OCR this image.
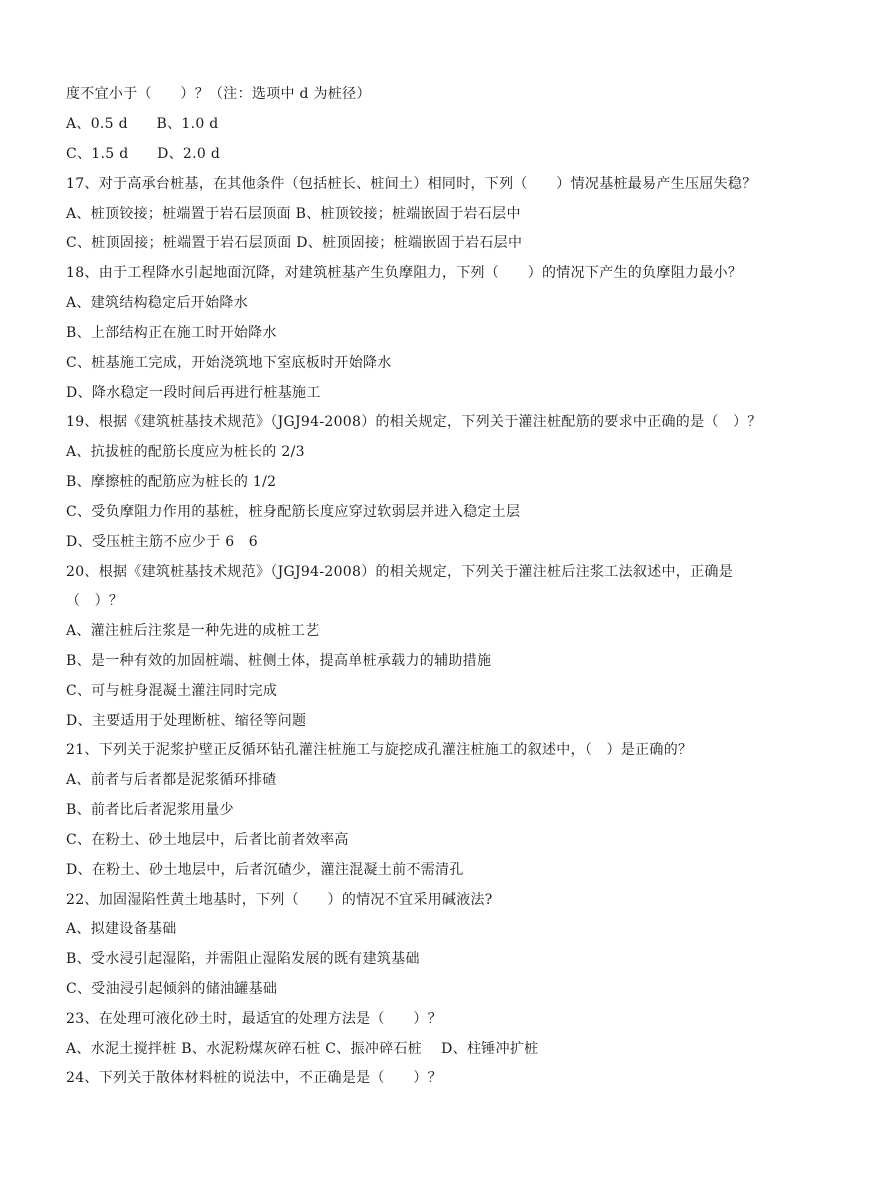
度不宜小于（　　）？（注：选项中 d 为桩径）
A、0.5 d　　B、1.0 d
C、1.5 d　　D、2.0 d
17、对于高承台桩基，在其他条件（包括桩长、桩间土）相同时，下列（　　）情况基桩最易产生压屈失稳？
A、桩顶铰接；桩端置于岩石层顶面 B、桩顶铰接；桩端嵌固于岩石层中
C、桩顶固接；桩端置于岩石层顶面 D、桩顶固接；桩端嵌固于岩石层中
18、由于工程降水引起地面沉降，对建筑桩基产生负摩阻力，下列（　　）的情况下产生的负摩阻力最小？
A、建筑结构稳定后开始降水
B、上部结构正在施工时开始降水
C、桩基施工完成，开始浇筑地下室底板时开始降水
D、降水稳定一段时间后再进行桩基施工
19、根据《建筑桩基技术规范》（JGJ94-2008）的相关规定，下列关于灌注桩配筋的要求中正确的是（　）？
A、抗拔桩的配筋长度应为桩长的 2/3
B、摩擦桩的配筋应为桩长的 1/2
C、受负摩阻力作用的基桩，桩身配筋长度应穿过软弱层并进入稳定土层
D、受压桩主筋不应少于 6　6
20、根据《建筑桩基技术规范》（JGJ94-2008）的相关规定，下列关于灌注桩后注浆工法叙述中，正确是
（　）？
A、灌注桩后注浆是一种先进的成桩工艺
B、是一种有效的加固桩端、桩侧土体，提高单桩承载力的辅助措施
C、可与桩身混凝土灌注同时完成
D、主要适用于处理断桩、缩径等问题
21、下列关于泥浆护壁正反循环钻孔灌注桩施工与旋挖成孔灌注桩施工的叙述中，（　）是正确的？
A、前者与后者都是泥浆循环排碴
B、前者比后者泥浆用量少
C、在粉土、砂土地层中，后者比前者效率高
D、在粉土、砂土地层中，后者沉碴少，灌注混凝土前不需清孔
22、加固湿陷性黄土地基时，下列（　　）的情况不宜采用碱液法?
A、拟建设备基础
B、受水浸引起湿陷，并需阻止湿陷发展的既有建筑基础
C、受油浸引起倾斜的储油罐基础
23、在处理可液化砂土时，最适宜的处理方法是（　　）？
A、水泥土搅拌桩 B、水泥粉煤灰碎石桩 C、振冲碎石桩　 D、柱锤冲扩桩
24、下列关于散体材料桩的说法中，不正确是是（　　）？
